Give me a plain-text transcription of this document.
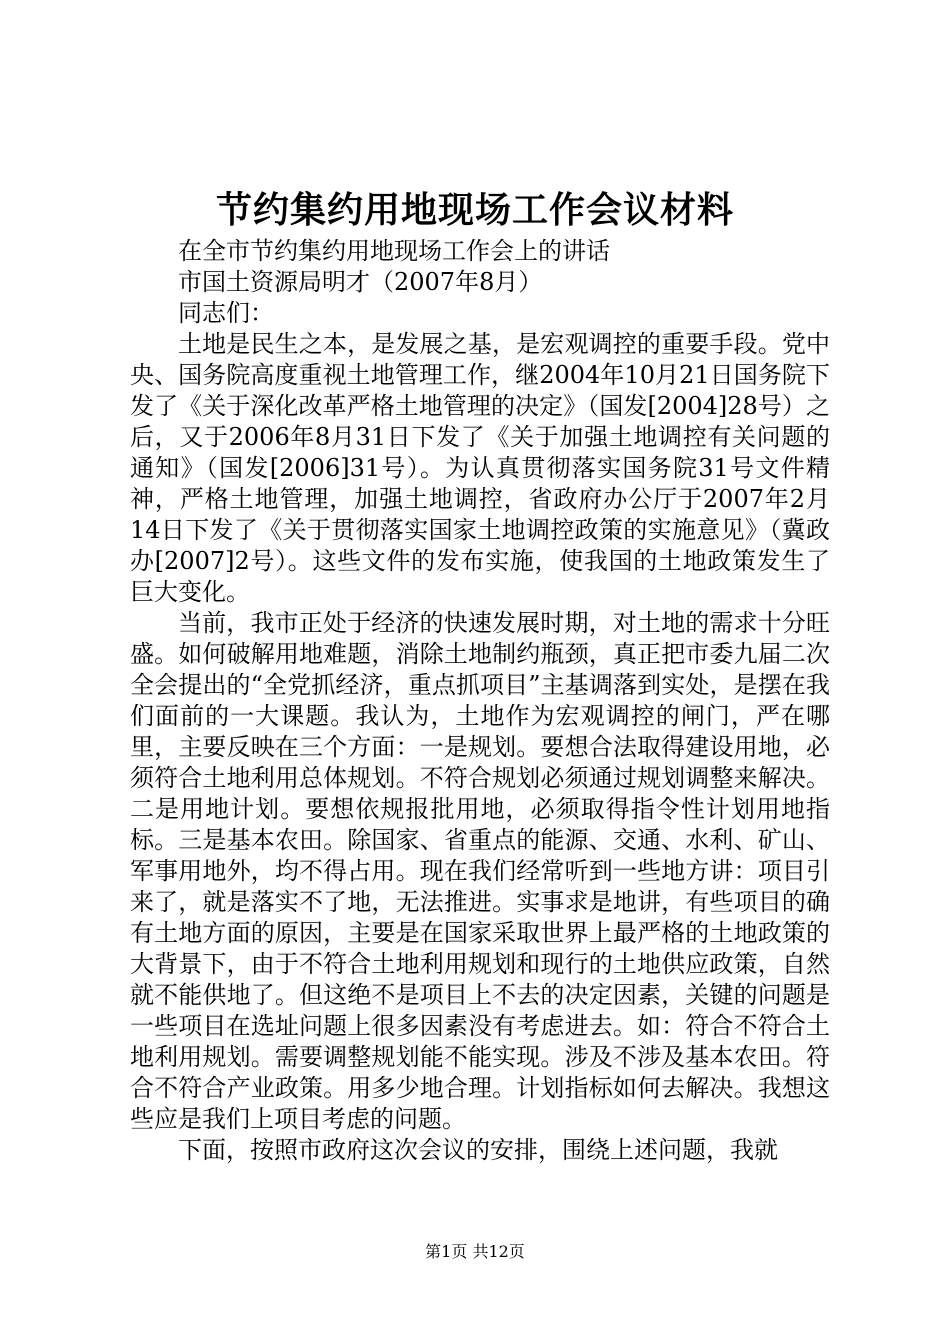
节约集约用地现场工作会议材料

在全市节约集约用地现场工作会上的讲话

市国土资源局明才（2007年8月）

同志们：

土地是民生之本，是发展之基，是宏观调控的重要手段。党中央、国务院高度重视土地管理工作，继2004年10月21日国务院下发了《关于深化改革严格土地管理的决定》（国发[2004]28号）之后，又于2006年8月31日下发了《关于加强土地调控有关问题的通知》（国发[2006]31号）。为认真贯彻落实国务院31号文件精神，严格土地管理，加强土地调控，省政府办公厅于2007年2月14日下发了《关于贯彻落实国家土地调控政策的实施意见》（冀政办[2007]2号）。这些文件的发布实施，使我国的土地政策发生了巨大变化。

当前，我市正处于经济的快速发展时期，对土地的需求十分旺盛。如何破解用地难题，消除土地制约瓶颈，真正把市委九届二次全会提出的“全党抓经济，重点抓项目”主基调落到实处，是摆在我们面前的一大课题。我认为，土地作为宏观调控的闸门，严在哪里，主要反映在三个方面：一是规划。要想合法取得建设用地，必须符合土地利用总体规划。不符合规划必须通过规划调整来解决。二是用地计划。要想依规报批用地，必须取得指令性计划用地指标。三是基本农田。除国家、省重点的能源、交通、水利、矿山、军事用地外，均不得占用。现在我们经常听到一些地方讲：项目引来了，就是落实不了地，无法推进。实事求是地讲，有些项目的确有土地方面的原因，主要是在国家采取世界上最严格的土地政策的大背景下，由于不符合土地利用规划和现行的土地供应政策，自然就不能供地了。但这绝不是项目上不去的决定因素，关键的问题是一些项目在选址问题上很多因素没有考虑进去。如：符合不符合土地利用规划。需要调整规划能不能实现。涉及不涉及基本农田。符合不符合产业政策。用多少地合理。计划指标如何去解决。我想这些应是我们上项目考虑的问题。

下面，按照市政府这次会议的安排，围绕上述问题，我就

第1页 共12页
